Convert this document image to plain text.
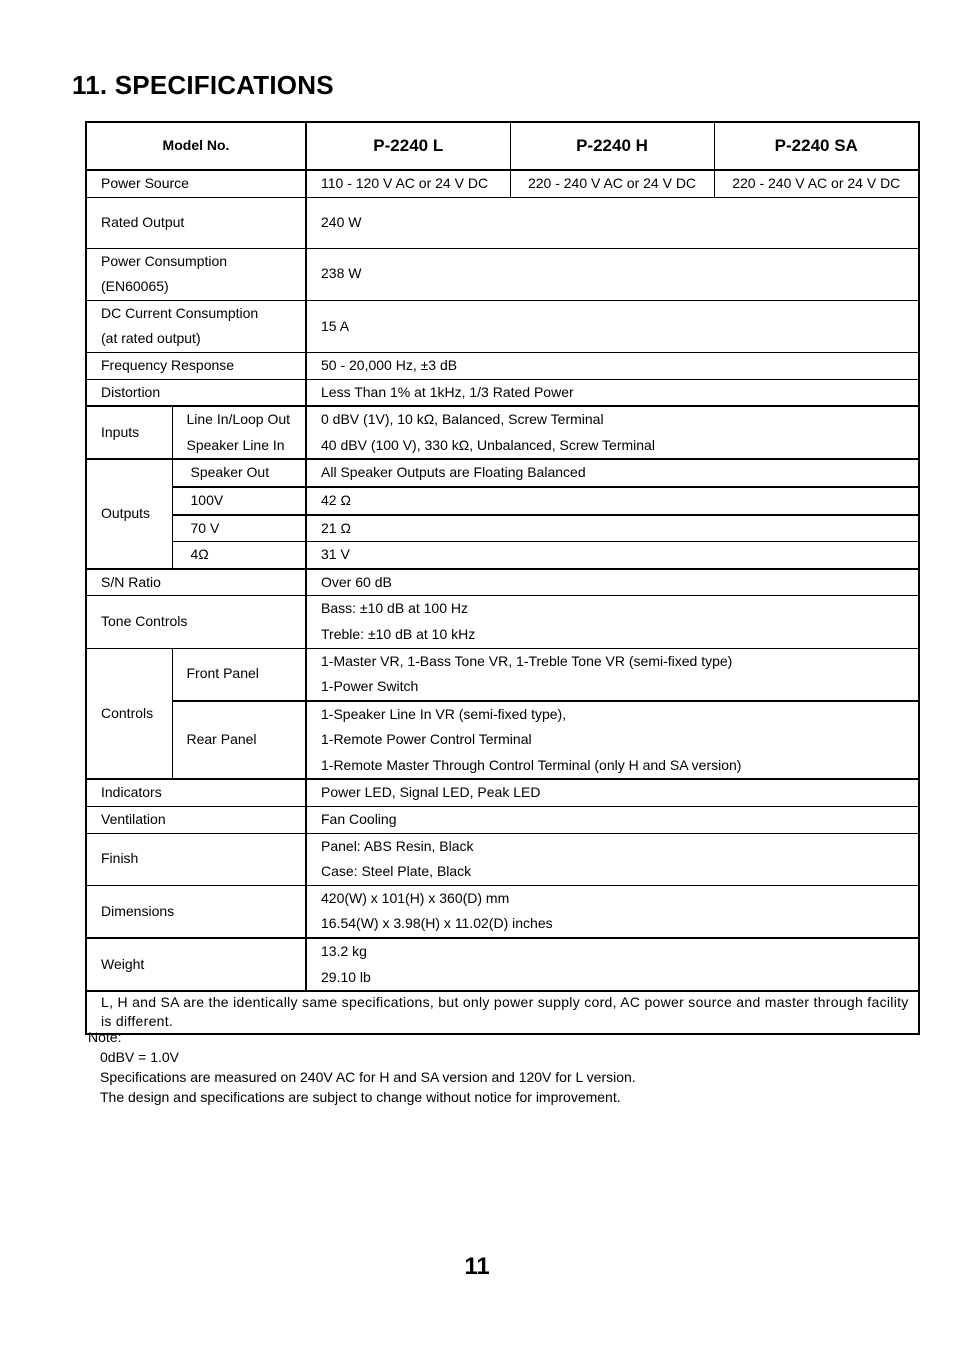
11. SPECIFICATIONS
Model No.		P-2240 L	P-2240 H	P-2240 SA
Power Source		110 - 120 V AC or 24 V DC	220 - 240 V AC or 24 V DC	220 - 240 V AC or 24 V DC
Rated Output		240 W		

Power Consumption
(EN60065)		238 W		

DC Current Consumption
(at rated output)		15 A		
Frequency Response		50 - 20,000 Hz, ±3 dB		
Distortion		Less Than 1% at 1kHz, 1/3 Rated Power		
Inputs	Line In/Loop Out	0 dBV (1V), 10 kΩ, Balanced, Screw Terminal		
	Speaker Line In	40 dBV (100 V), 330 kΩ, Unbalanced, Screw Terminal		
Outputs	Speaker Out	All Speaker Outputs are Floating Balanced		
	100V	42 Ω		
	70 V	21 Ω		
	4Ω	31 V		
S/N Ratio		Over 60 dB		
Tone Controls		Bass: ±10 dB at 100 Hz
Treble: ±10 dB at 10 kHz		

Controls	Front Panel	1-Master VR, 1-Bass Tone VR, 1-Treble Tone VR (semi-fixed type)
1-Power Switch		

	Rear Panel	1-Speaker Line In VR (semi-fixed type),
1-Remote Power Control Terminal
1-Remote Master Through Control Terminal (only H and SA version)		

Indicators		Power LED, Signal LED, Peak LED		
Ventilation		Fan Cooling		
Finish		Panel: ABS Resin, Black
Case: Steel Plate, Black		

Dimensions		420(W) x 101(H) x 360(D) mm
16.54(W) x 3.98(H) x 11.02(D) inches		

Weight		13.2 kg
29.10 lb		

L, H and SA are the identically same specifications, but only power supply cord, AC power source and master through facility is different.				
Note:
0dBV = 1.0V
Specifications are measured on 240V AC for H and SA version and 120V for L version.
The design and specifications are subject to change without notice for improvement.
11
